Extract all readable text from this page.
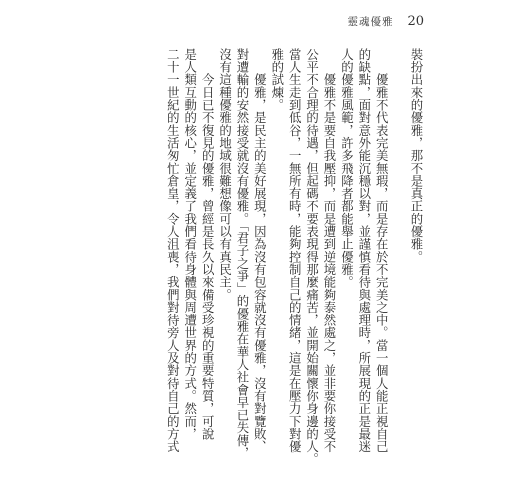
靈魂優雅 20
裝扮出來的優雅，那不是真正的優雅。
　　優雅不代表完美無瑕，而是存在於不完美之中。當一個人能正視自己
的缺點，面對意外能沉穩以對，並謹慎看待與處理時，所展現的正是最迷
人的優雅風範，許多飛降者都能舉止優雅。
　　優雅不是要自我壓抑，而是遭到逆境能夠泰然處之，並非要你接受不
公平不合理的待遇，但起碼不要表現得那麼痛苦，並開始關懷你身邊的人。
當人生走到低谷，一無所有時，能夠控制自己的情緒，這是在壓力下對優
雅的試煉。
　　優雅，是民主的美好展現，因為沒有包容就沒有優雅，沒有對覽敗、
對遭輸的安然接受就沒有優雅。「君子之爭」的優雅在華人社會早已失傳，
沒有這種優雅的地域很難想像可以有真民主。
　　今日已不復見的優雅，曾經是長久以來備受珍視的重要特質，可說
是人類互動的核心，並定義了我們看待身體與周遭世界的方式。然而，
二十一世紀的生活匆忙倉皇，令人沮喪，我們對待旁人及對待自己的方式
